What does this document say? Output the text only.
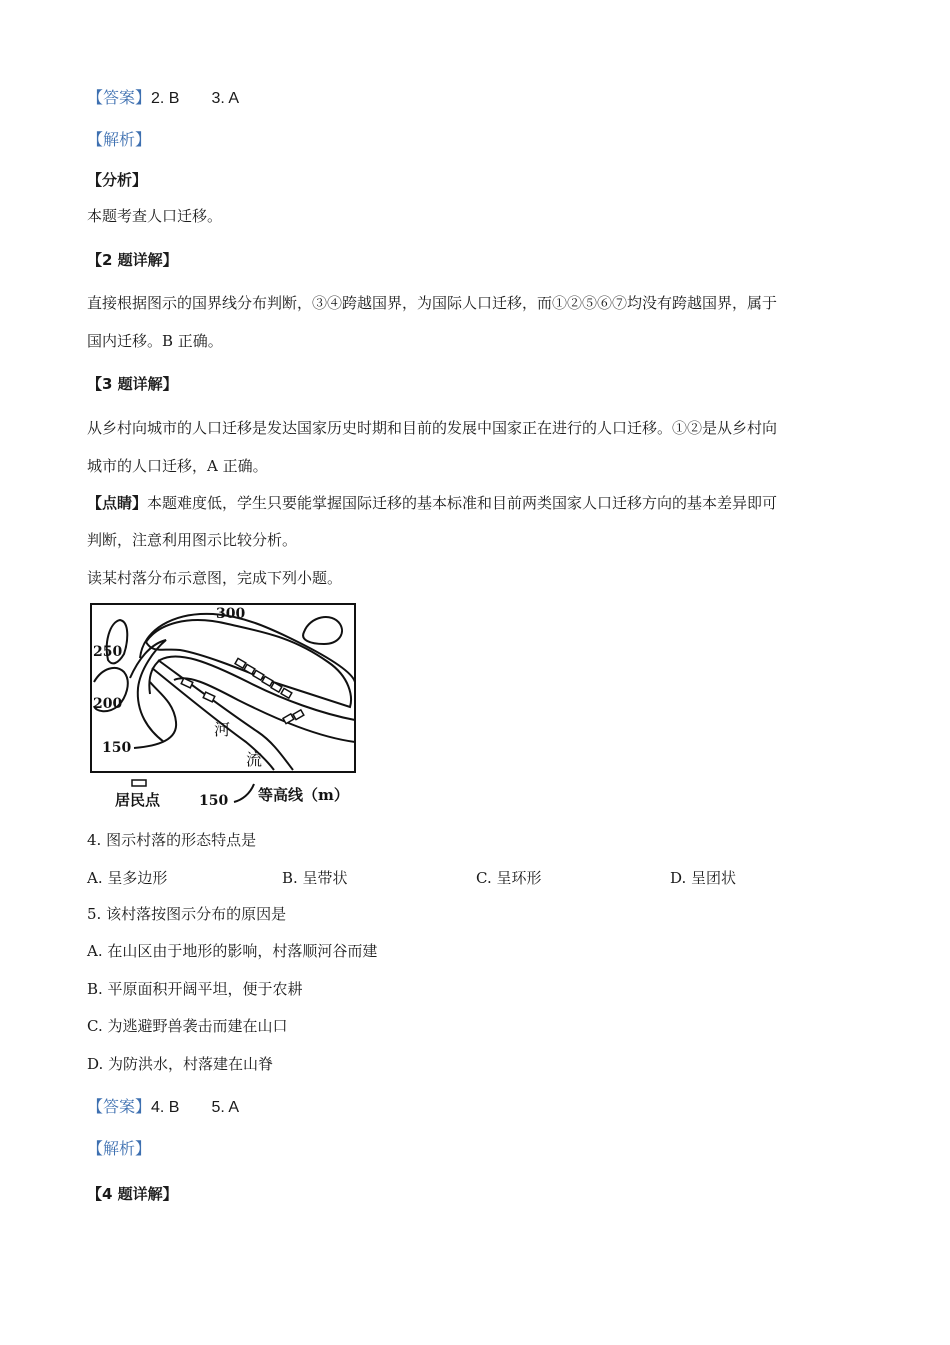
【答案】2. B 3. A
【解析】
【分析】
本题考查人口迁移。
【2 题详解】
直接根据图示的国界线分布判断，③④跨越国界，为国际人口迁移，而①②⑤⑥⑦均没有跨越国界，属于
国内迁移。B 正确。
【3 题详解】
从乡村向城市的人口迁移是发达国家历史时期和目前的发展中国家正在进行的人口迁移。①②是从乡村向
城市的人口迁移，A 正确。
【点睛】本题难度低，学生只要能掌握国际迁移的基本标准和目前两类国家人口迁移方向的基本差异即可
判断，注意利用图示比较分析。
读某村落分布示意图，完成下列小题。
300
250
200
150
河
流
居民点	150 等高线（m）
4. 图示村落的形态特点是
A. 呈多边形	B. 呈带状	C. 呈环形	D. 呈团状
5. 该村落按图示分布的原因是
A. 在山区由于地形的影响，村落顺河谷而建
B. 平原面积开阔平坦，便于农耕
C. 为逃避野兽袭击而建在山口
D. 为防洪水，村落建在山脊
【答案】4. B 5. A
【解析】
【4 题详解】
